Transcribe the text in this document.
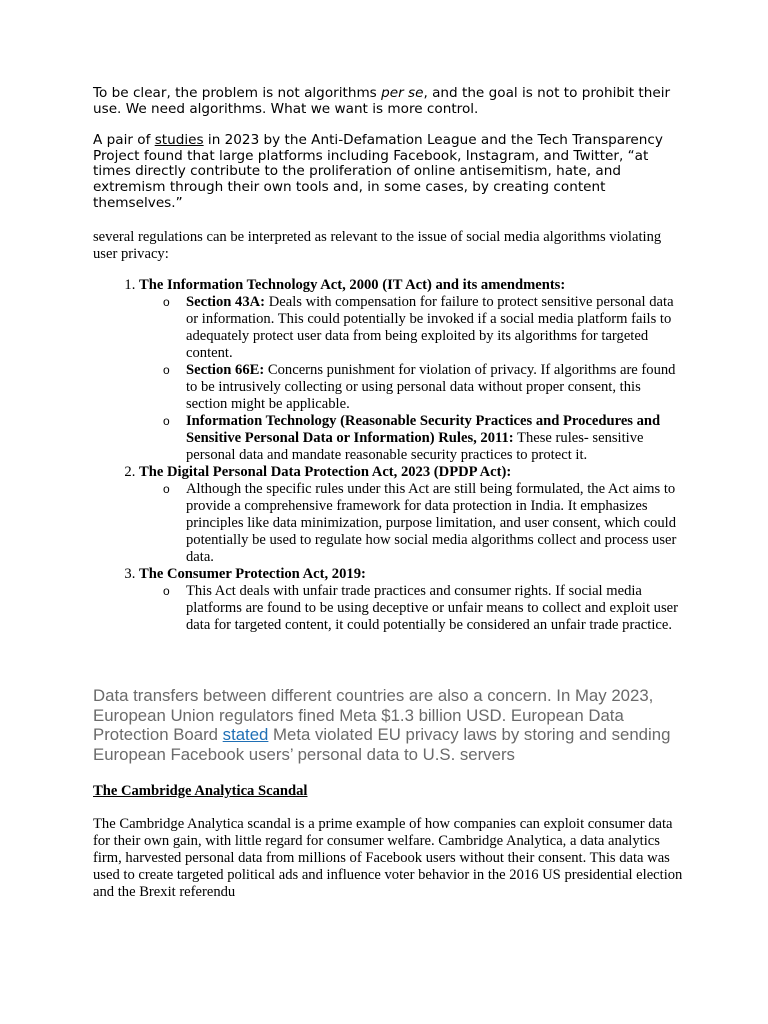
To be clear, the problem is not algorithms per se, and the goal is not to prohibit their use. We need algorithms. What we want is more control.

A pair of studies in 2023 by the Anti-Defamation League and the Tech Transparency Project found that large platforms including Facebook, Instagram, and Twitter, “at times directly contribute to the proliferation of online antisemitism, hate, and extremism through their own tools and, in some cases, by creating content themselves.”

several regulations can be interpreted as relevant to the issue of social media algorithms violating user privacy:

1. The Information Technology Act, 2000 (IT Act) and its amendments:
o Section 43A: Deals with compensation for failure to protect sensitive personal data or information. This could potentially be invoked if a social media platform fails to adequately protect user data from being exploited by its algorithms for targeted content.
o Section 66E: Concerns punishment for violation of privacy. If algorithms are found to be intrusively collecting or using personal data without proper consent, this section might be applicable.
o Information Technology (Reasonable Security Practices and Procedures and Sensitive Personal Data or Information) Rules, 2011: These rules- sensitive personal data and mandate reasonable security practices to protect it.
2. The Digital Personal Data Protection Act, 2023 (DPDP Act):
o Although the specific rules under this Act are still being formulated, the Act aims to provide a comprehensive framework for data protection in India. It emphasizes principles like data minimization, purpose limitation, and user consent, which could potentially be used to regulate how social media algorithms collect and process user data.
3. The Consumer Protection Act, 2019:
o This Act deals with unfair trade practices and consumer rights. If social media platforms are found to be using deceptive or unfair means to collect and exploit user data for targeted content, it could potentially be considered an unfair trade practice.

Data transfers between different countries are also a concern. In May 2023, European Union regulators fined Meta $1.3 billion USD. European Data Protection Board stated Meta violated EU privacy laws by storing and sending European Facebook users’ personal data to U.S. servers

The Cambridge Analytica Scandal

The Cambridge Analytica scandal is a prime example of how companies can exploit consumer data for their own gain, with little regard for consumer welfare. Cambridge Analytica, a data analytics firm, harvested personal data from millions of Facebook users without their consent. This data was used to create targeted political ads and influence voter behavior in the 2016 US presidential election and the Brexit referendu
